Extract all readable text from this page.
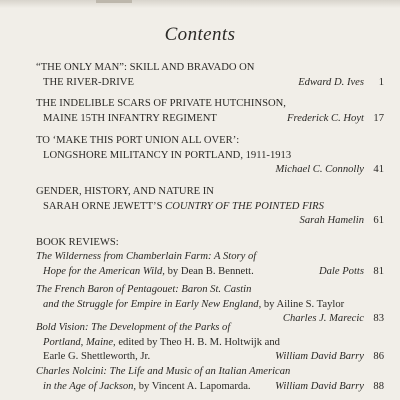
Contents
“THE ONLY MAN”: SKILL AND BRAVADO ON
THE RIVER-DRIVE	Edward D. Ives 1
THE INDELIBLE SCARS OF PRIVATE HUTCHINSON,
MAINE 15TH INFANTRY REGIMENT	Frederick C. Hoyt 17
TO ‘MAKE THIS PORT UNION ALL OVER’:
LONGSHORE MILITANCY IN PORTLAND, 1911-1913
Michael C. Connolly 41
GENDER, HISTORY, AND NATURE IN
SARAH ORNE JEWETT’S COUNTRY OF THE POINTED FIRS
Sarah Hamelin 61
BOOK REVIEWS:
The Wilderness from Chamberlain Farm: A Story of
Hope for the American Wild, by Dean B. Bennett.	Dale Potts 81
The French Baron of Pentagouet: Baron St. Castin
and the Struggle for Empire in Early New England, by Ailine S. Taylor
Charles J. Marecic 83
Bold Vision: The Development of the Parks of
Portland, Maine, edited by Theo H. B. M. Holtwijk and
Earle G. Shettleworth, Jr.	William David Barry 86
Charles Nolcini: The Life and Music of an Italian American
in the Age of Jackson, by Vincent A. Lapomarda. William David Barry 88
